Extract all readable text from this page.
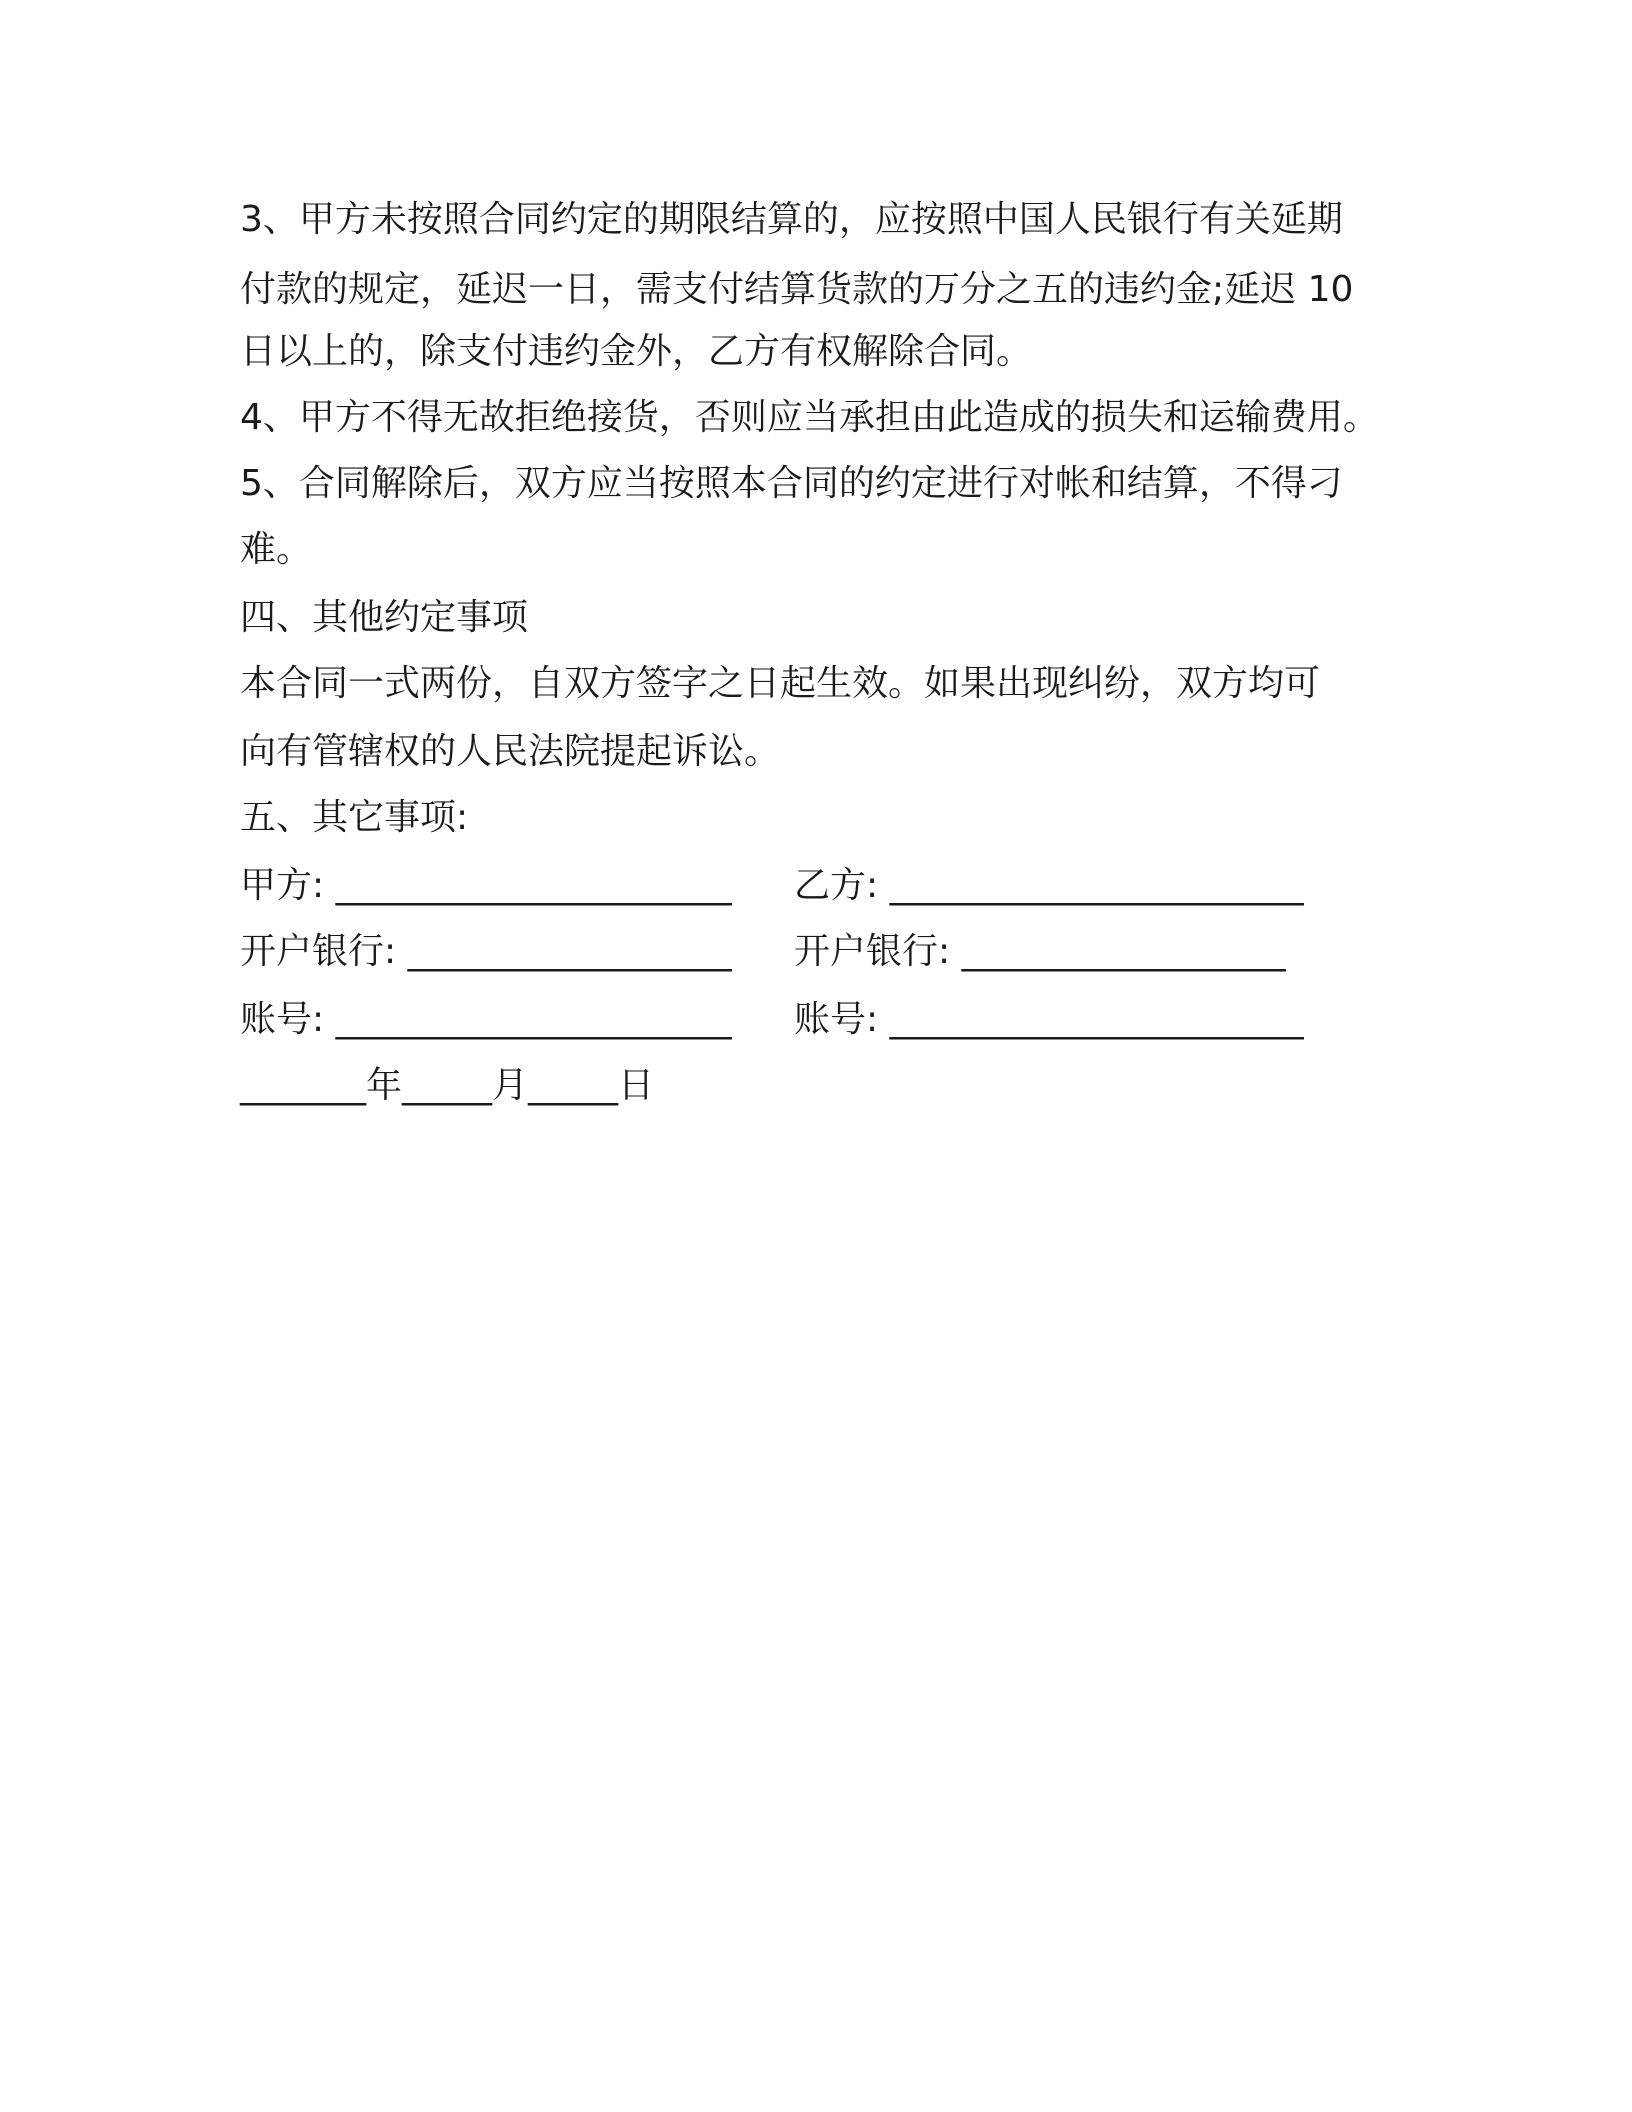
3、甲方未按照合同约定的期限结算的，应按照中国人民银行有关延期
付款的规定，延迟一日，需支付结算货款的万分之五的违约金;延迟 10
日以上的，除支付违约金外，乙方有权解除合同。
4、甲方不得无故拒绝接货，否则应当承担由此造成的损失和运输费用。
5、合同解除后，双方应当按照本合同的约定进行对帐和结算，不得刁
难。
四、其他约定事项
本合同一式两份，自双方签字之日起生效。如果出现纠纷，双方均可
向有管辖权的人民法院提起诉讼。
五、其它事项:
甲方: ______________________ 乙方: _______________________
开户银行: __________________ 开户银行: __________________
账号: ______________________ 账号: _______________________
_______年_____月_____日
